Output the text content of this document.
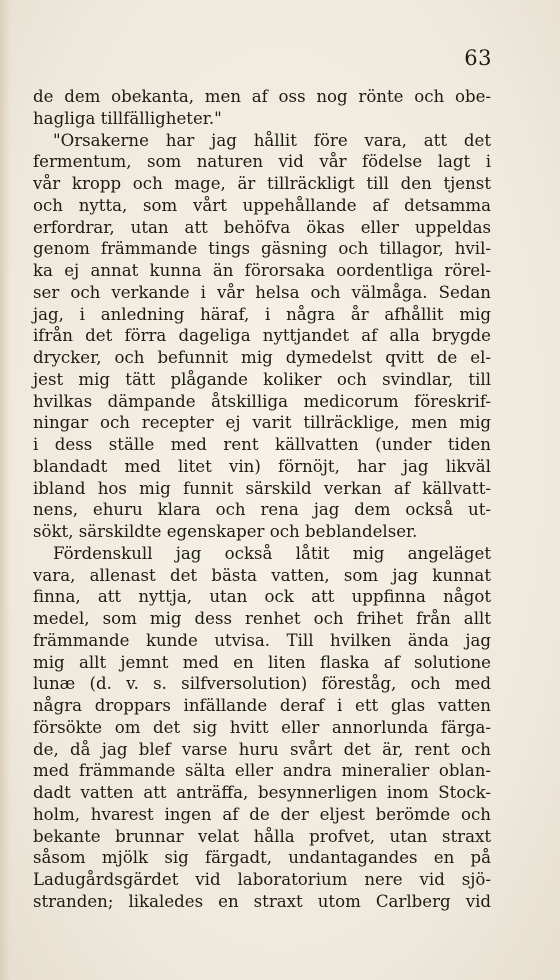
63
de dem obekanta, men af oss nog rönte och obe-
hagliga tillfälligheter."
"Orsakerne har jag hållit före vara, att det
fermentum, som naturen vid vår födelse lagt i
vår kropp och mage, är tillräckligt till den tjenst
och nytta, som vårt uppehållande af detsamma
erfordrar, utan att behöfva ökas eller uppeldas
genom främmande tings gäsning och tillagor, hvil-
ka ej annat kunna än förorsaka oordentliga rörel-
ser och verkande i vår helsa och välmåga. Sedan
jag, i anledning häraf, i några år afhållit mig
ifrån det förra dageliga nyttjandet af alla brygde
drycker, och befunnit mig dymedelst qvitt de el-
jest mig tätt plågande koliker och svindlar, till
hvilkas dämpande åtskilliga medicorum föreskrif-
ningar och recepter ej varit tillräcklige, men mig
i dess ställe med rent källvatten (under tiden
blandadt med litet vin) förnöjt, har jag likväl
ibland hos mig funnit särskild verkan af källvatt-
nens, ehuru klara och rena jag dem också ut-
sökt, särskildte egenskaper och beblandelser.
Fördenskull jag också låtit mig angeläget
vara, allenast det bästa vatten, som jag kunnat
finna, att nyttja, utan ock att uppfinna något
medel, som mig dess renhet och frihet från allt
främmande kunde utvisa. Till hvilken ända jag
mig allt jemnt med en liten flaska af solutione
lunæ (d. v. s. silfversolution) föreståg, och med
några droppars infällande deraf i ett glas vatten
försökte om det sig hvitt eller annorlunda färga-
de, då jag blef varse huru svårt det är, rent och
med främmande sälta eller andra mineralier oblan-
dadt vatten att anträffa, besynnerligen inom Stock-
holm, hvarest ingen af de der eljest berömde och
bekante brunnar velat hålla profvet, utan straxt
såsom mjölk sig färgadt, undantagandes en på
Ladugårdsgärdet vid laboratorium nere vid sjö-
stranden; likaledes en straxt utom Carlberg vid
